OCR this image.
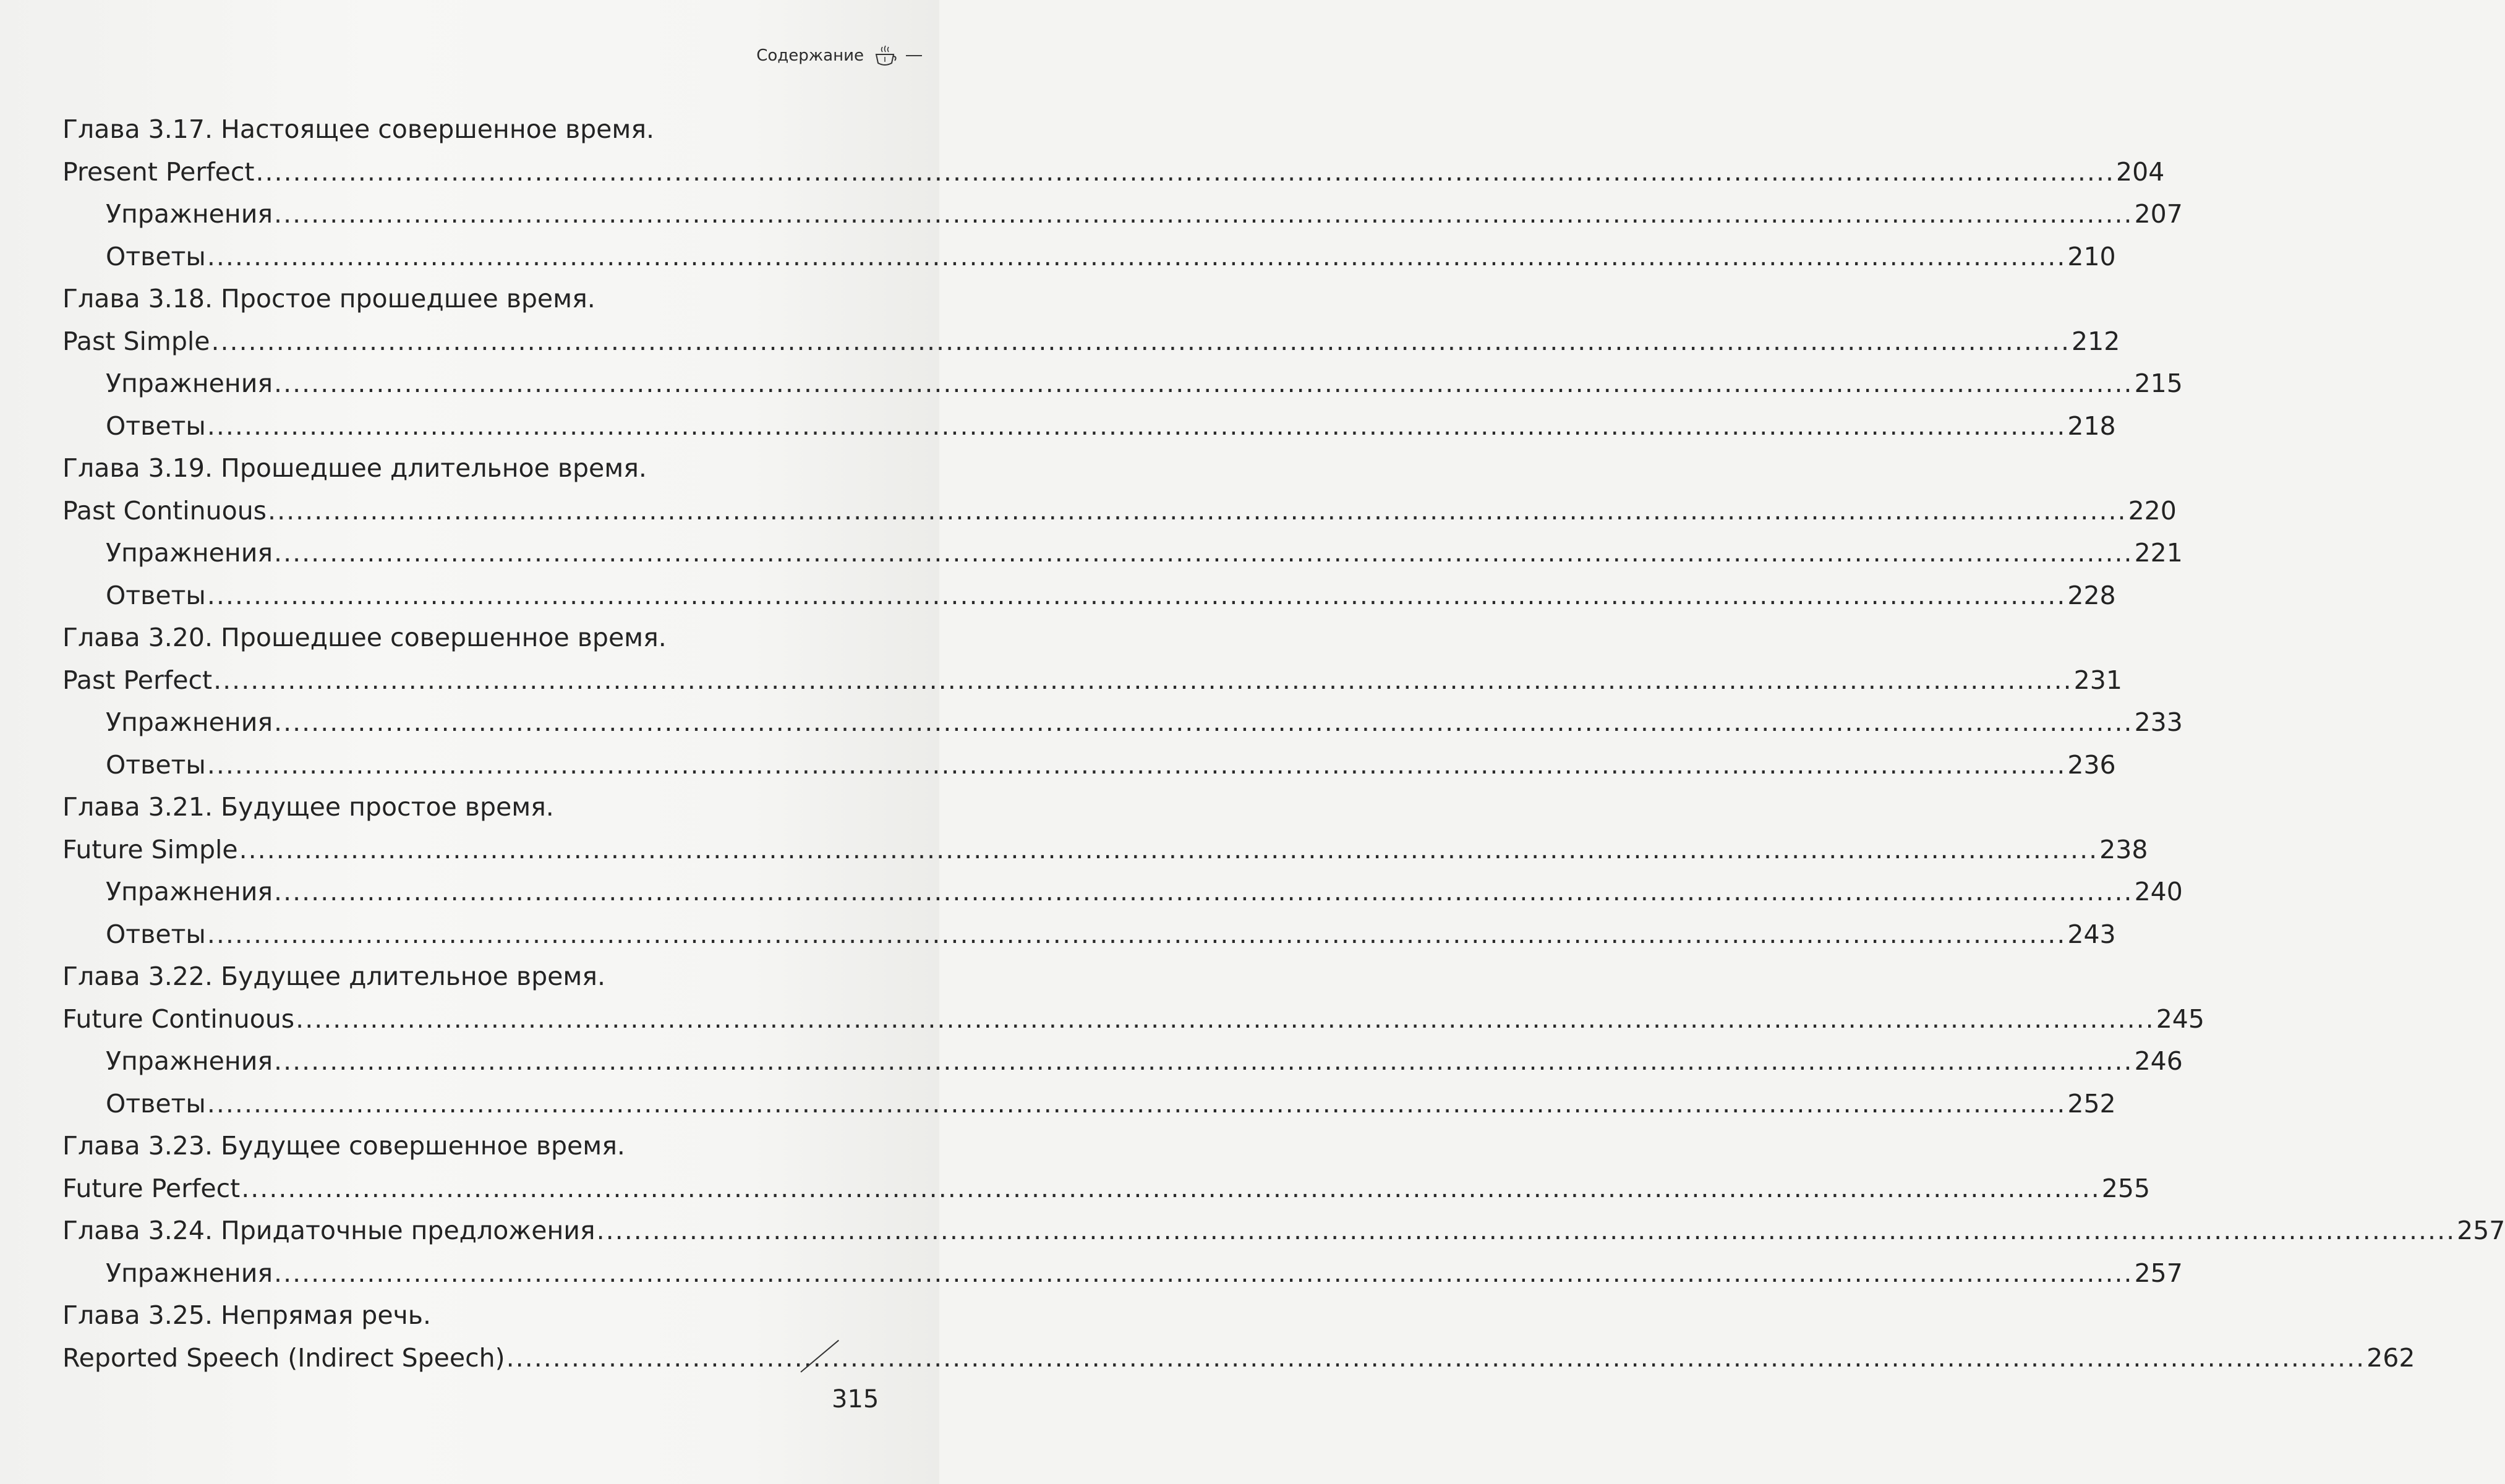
Содержание
Глава 3.17. Настоящее совершенное время.
Present Perfect ........................................................................................................................................................................................................ 204
Упражнения ........................................................................................................................................................................................................ 207
Ответы ........................................................................................................................................................................................................ 210
Глава 3.18. Простое прошедшее время.
Past Simple ........................................................................................................................................................................................................ 212
Упражнения ........................................................................................................................................................................................................ 215
Ответы ........................................................................................................................................................................................................ 218
Глава 3.19. Прошедшее длительное время.
Past Continuous ........................................................................................................................................................................................................ 220
Упражнения ........................................................................................................................................................................................................ 221
Ответы ........................................................................................................................................................................................................ 228
Глава 3.20. Прошедшее совершенное время.
Past Perfect ........................................................................................................................................................................................................ 231
Упражнения ........................................................................................................................................................................................................ 233
Ответы ........................................................................................................................................................................................................ 236
Глава 3.21. Будущее простое время.
Future Simple ........................................................................................................................................................................................................ 238
Упражнения ........................................................................................................................................................................................................ 240
Ответы ........................................................................................................................................................................................................ 243
Глава 3.22. Будущее длительное время.
Future Continuous ........................................................................................................................................................................................................ 245
Упражнения ........................................................................................................................................................................................................ 246
Ответы ........................................................................................................................................................................................................ 252
Глава 3.23. Будущее совершенное время.
Future Perfect ........................................................................................................................................................................................................ 255
Глава 3.24. Придаточные предложения ........................................................................................................................................................................................................ 257
Упражнения ........................................................................................................................................................................................................ 257
Глава 3.25. Непрямая речь.
Reported Speech (Indirect Speech) ........................................................................................................................................................................................................ 262
315
